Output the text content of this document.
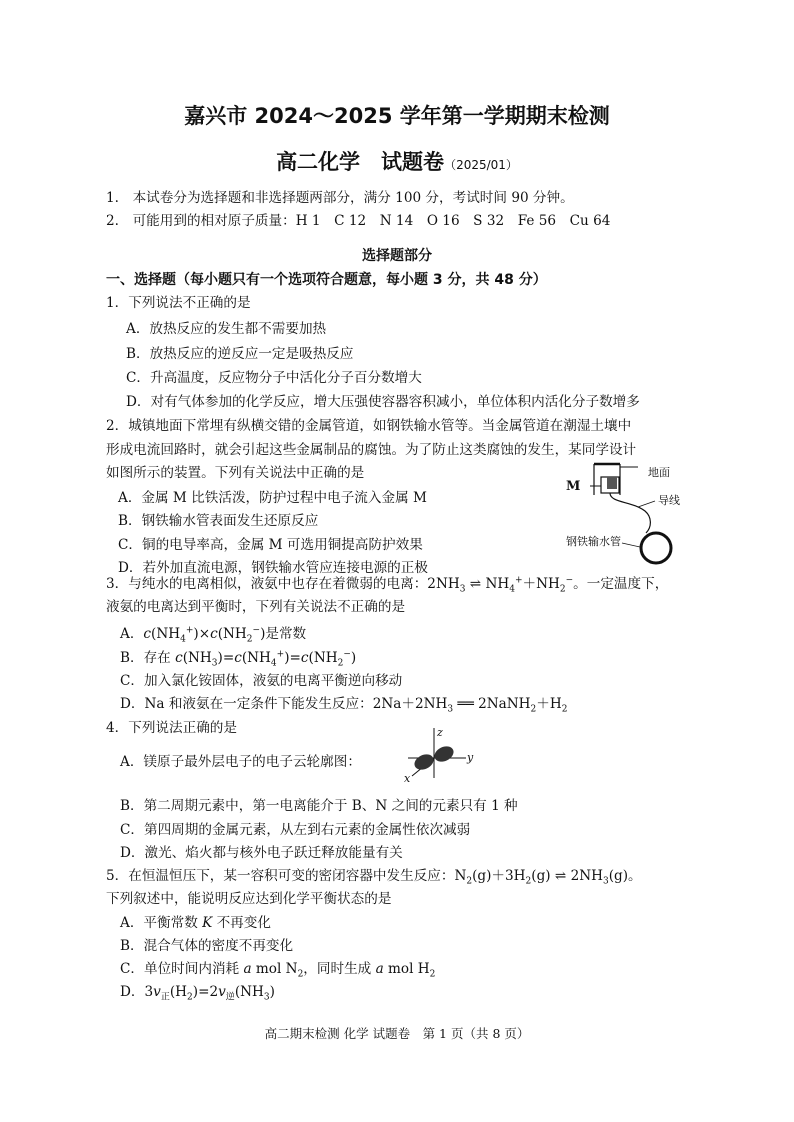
嘉兴市 2024～2025 学年第一学期期末检测
高二化学　试题卷（2025/01）
1.　本试卷分为选择题和非选择题两部分，满分 100 分，考试时间 90 分钟。
2.　可能用到的相对原子质量：H 1　C 12　N 14　O 16　S 32　Fe 56　Cu 64
选择题部分
一、选择题（每小题只有一个选项符合题意，每小题 3 分，共 48 分）
1．下列说法不正确的是
A．放热反应的发生都不需要加热
B．放热反应的逆反应一定是吸热反应
C．升高温度，反应物分子中活化分子百分数增大
D．对有气体参加的化学反应，增大压强使容器容积减小，单位体积内活化分子数增多
2．城镇地面下常埋有纵横交错的金属管道，如钢铁输水管等。当金属管道在潮湿土壤中
形成电流回路时，就会引起这些金属制品的腐蚀。为了防止这类腐蚀的发生，某同学设计
如图所示的装置。下列有关说法中正确的是
A．金属 M 比铁活泼，防护过程中电子流入金属 M
B．钢铁输水管表面发生还原反应
C．铜的电导率高，金属 M 可选用铜提高防护效果
D．若外加直流电源，钢铁输水管应连接电源的正极
地面
M
导线
钢铁输水管
3．与纯水的电离相似，液氨中也存在着微弱的电离：$2NH_3$ ⇌ $NH_4^++NH_2^-$。一定温度下，
液氨的电离达到平衡时，下列有关说法不正确的是
A．$c(NH_4^+)\times c(NH_2^-)$是常数
B．存在 $c(NH_3)=c(NH_4^+)=c(NH_2^-)$
C．加入氯化铵固体，液氨的电离平衡逆向移动
D．Na 和液氨在一定条件下能发生反应：$2Na+2NH_3$ ══ $2NaNH_2+H_2$
4．下列说法正确的是
A．镁原子最外层电子的电子云轮廓图：
z
y
x
B．第二周期元素中，第一电离能介于 B、N 之间的元素只有 1 种
C．第四周期的金属元素，从左到右元素的金属性依次减弱
D．激光、焰火都与核外电子跃迁释放能量有关
5．在恒温恒压下，某一容积可变的密闭容器中发生反应：$N_2(g)+3H_2(g)$ ⇌ $2NH_3(g)$。
下列叙述中，能说明反应达到化学平衡状态的是
A．平衡常数 K 不再变化
B．混合气体的密度不再变化
C．单位时间内消耗 a mol $N_2$，同时生成 a mol $H_2$
D．$3v_正(H_2)=2v_逆(NH_3)$
高二期末检测 化学 试题卷　第 1 页（共 8 页）
